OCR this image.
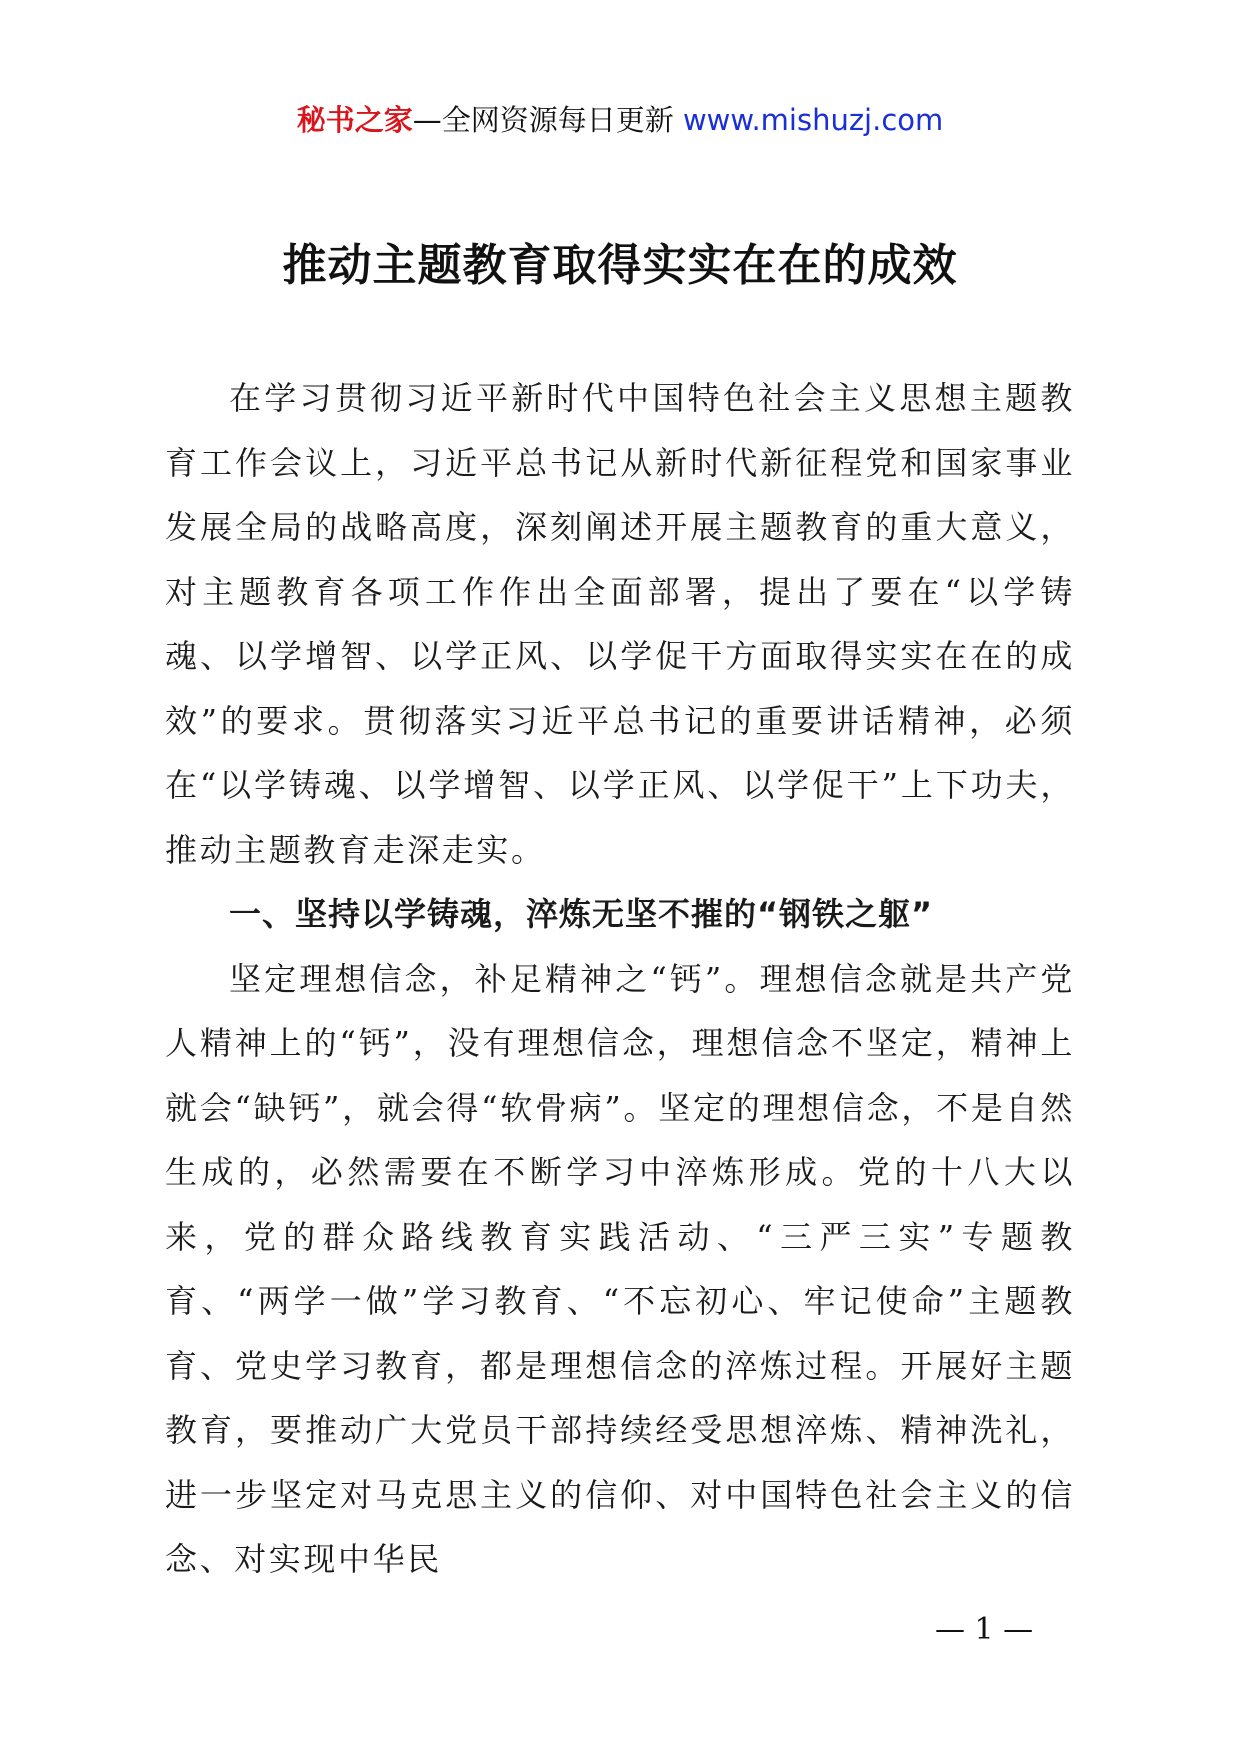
秘书之家—全网资源每日更新 www.mishuzj.com
推动主题教育取得实实在在的成效

在学习贯彻习近平新时代中国特色社会主义思想主题教育工作会议上，习近平总书记从新时代新征程党和国家事业发展全局的战略高度，深刻阐述开展主题教育的重大意义，对主题教育各项工作作出全面部署，提出了要在“以学铸魂、以学增智、以学正风、以学促干方面取得实实在在的成效”的要求。贯彻落实习近平总书记的重要讲话精神，必须在“以学铸魂、以学增智、以学正风、以学促干”上下功夫，推动主题教育走深走实。

一、坚持以学铸魂，淬炼无坚不摧的“钢铁之躯”

坚定理想信念，补足精神之“钙”。理想信念就是共产党人精神上的“钙”，没有理想信念，理想信念不坚定，精神上就会“缺钙”，就会得“软骨病”。坚定的理想信念，不是自然生成的，必然需要在不断学习中淬炼形成。党的十八大以来，党的群众路线教育实践活动、“三严三实”专题教育、“两学一做”学习教育、“不忘初心、牢记使命”主题教育、党史学习教育，都是理想信念的淬炼过程。开展好主题教育，要推动广大党员干部持续经受思想淬炼、精神洗礼，进一步坚定对马克思主义的信仰、对中国特色社会主义的信念、对实现中华民

— 1 —
